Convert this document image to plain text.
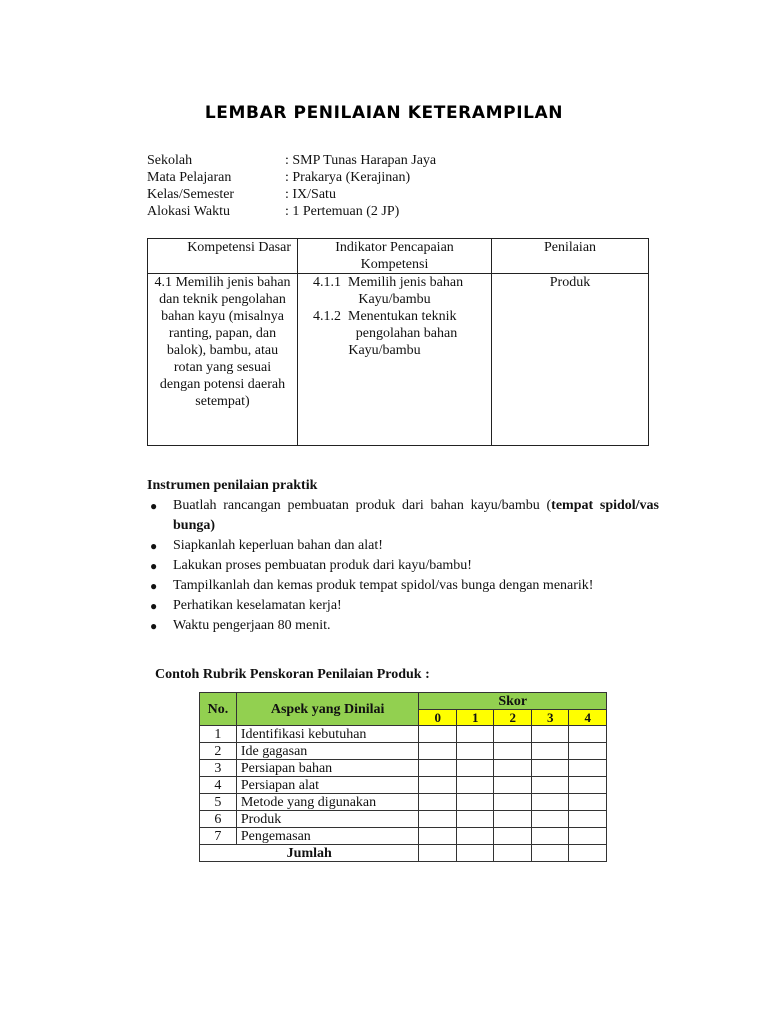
LEMBAR PENILAIAN KETERAMPILAN
Sekolah	: SMP Tunas Harapan Jaya
Mata Pelajaran	: Prakarya (Kerajinan)
Kelas/Semester	: IX/Satu
Alokasi Waktu	: 1 Pertemuan (2 JP)
Kompetensi Dasar	Indikator Pencapaian Kompetensi	Penilaian
4.1 Memilih jenis bahan dan teknik pengolahan bahan kayu (misalnya ranting, papan, dan balok), bambu, atau rotan yang sesuai dengan potensi daerah setempat)	4.1.1 Memilih jenis bahan
Kayu/bambu
4.1.2 Menentukan teknik
pengolahan bahan
Kayu/bambu	Produk
Instrumen penilaian praktik
● Buatlah rancangan pembuatan produk dari bahan kayu/bambu (tempat spidol/vas bunga)
● Siapkanlah keperluan bahan dan alat!
● Lakukan proses pembuatan produk dari kayu/bambu!
● Tampilkanlah dan kemas produk tempat spidol/vas bunga dengan menarik!
● Perhatikan keselamatan kerja!
● Waktu pengerjaan 80 menit.
Contoh Rubrik Penskoran Penilaian Produk :
No.	Aspek yang Dinilai	Skor				
		0	1	2	3	4
1	Identifikasi kebutuhan					
2	Ide gagasan					
3	Persiapan bahan					
4	Persiapan alat					
5	Metode yang digunakan					
6	Produk					
7	Pengemasan					
Jumlah						
